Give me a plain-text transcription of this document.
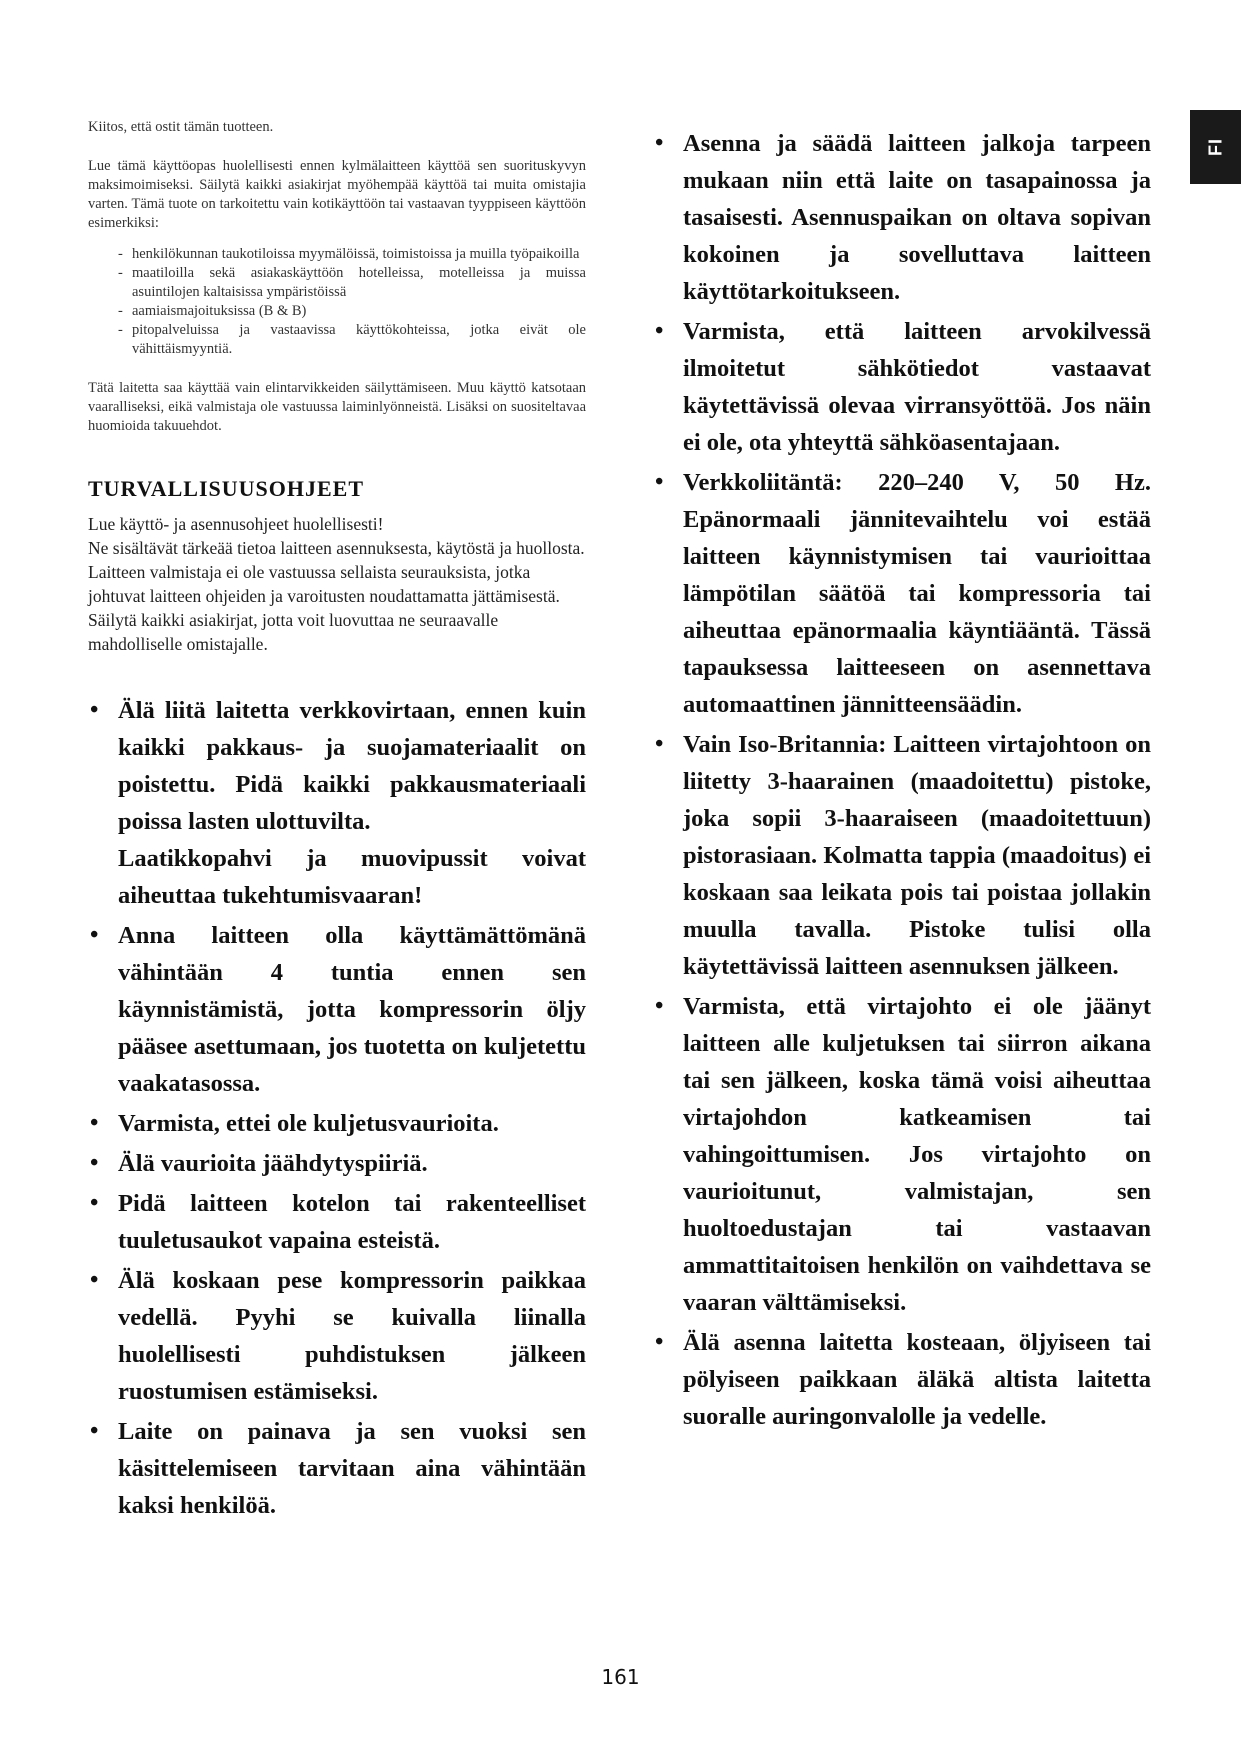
FI

Kiitos, että ostit tämän tuotteen.

Lue tämä käyttöopas huolellisesti ennen kylmälaitteen käyttöä sen suorituskyvyn maksimoimiseksi. Säilytä kaikki asiakirjat myöhempää käyttöä tai muita omistajia varten. Tämä tuote on tarkoitettu vain kotikäyttöön tai vastaavan tyyppiseen käyttöön esimerkiksi:

- henkilökunnan taukotiloissa myymälöissä, toimistoissa ja muilla työpaikoilla
- maatiloilla sekä asiakaskäyttöön hotelleissa, motelleissa ja muissa asuintilojen kaltaisissa ympäristöissä
- aamiaismajoituksissa (B & B)
- pitopalveluissa ja vastaavissa käyttökohteissa, jotka eivät ole vähittäismyyntiä.

Tätä laitetta saa käyttää vain elintarvikkeiden säilyttämiseen. Muu käyttö katsotaan vaaralliseksi, eikä valmistaja ole vastuussa laiminlyönneistä. Lisäksi on suositeltavaa huomioida takuuehdot.

TURVALLISUUSOHJEET

Lue käyttö- ja asennusohjeet huolellisesti!

Ne sisältävät tärkeää tietoa laitteen asennuksesta, käytöstä ja huollosta.

Laitteen valmistaja ei ole vastuussa sellaista seurauksista, jotka johtuvat laitteen ohjeiden ja varoitusten noudattamatta jättämisestä.

Säilytä kaikki asiakirjat, jotta voit luovuttaa ne seuraavalle mahdolliselle omistajalle.

• Älä liitä laitetta verkkovirtaan, ennen kuin kaikki pakkaus- ja suojamateriaalit on poistettu. Pidä kaikki pakkausmateriaali poissa lasten ulottuvilta.
Laatikkopahvi ja muovipussit voivat aiheuttaa tukehtumisvaaran!
• Anna laitteen olla käyttämättömänä vähintään 4 tuntia ennen sen käynnistämistä, jotta kompressorin öljy pääsee asettumaan, jos tuotetta on kuljetettu vaakatasossa.
• Varmista, ettei ole kuljetusvaurioita.
• Älä vaurioita jäähdytyspiiriä.
• Pidä laitteen kotelon tai rakenteelliset tuuletusaukot vapaina esteistä.
• Älä koskaan pese kompressorin paikkaa vedellä. Pyyhi se kuivalla liinalla huolellisesti puhdistuksen jälkeen ruostumisen estämiseksi.
• Laite on painava ja sen vuoksi sen käsittelemiseen tarvitaan aina vähintään kaksi henkilöä.
• Asenna ja säädä laitteen jalkoja tarpeen mukaan niin että laite on tasapainossa ja tasaisesti. Asennuspaikan on oltava sopivan kokoinen ja sovelluttava laitteen käyttötarkoitukseen.
• Varmista, että laitteen arvokilvessä ilmoitetut sähkötiedot vastaavat käytettävissä olevaa virransyöttöä. Jos näin ei ole, ota yhteyttä sähköasentajaan.
• Verkkoliitäntä: 220–240 V, 50 Hz. Epänormaali jännitevaihtelu voi estää laitteen käynnistymisen tai vaurioittaa lämpötilan säätöä tai kompressoria tai aiheuttaa epänormaalia käyntiääntä. Tässä tapauksessa laitteeseen on asennettava automaattinen jännitteensäädin.
• Vain Iso-Britannia: Laitteen virtajohtoon on liitetty 3-haarainen (maadoitettu) pistoke, joka sopii 3-haaraiseen (maadoitettuun) pistorasiaan. Kolmatta tappia (maadoitus) ei koskaan saa leikata pois tai poistaa jollakin muulla tavalla. Pistoke tulisi olla käytettävissä laitteen asennuksen jälkeen.
• Varmista, että virtajohto ei ole jäänyt laitteen alle kuljetuksen tai siirron aikana tai sen jälkeen, koska tämä voisi aiheuttaa virtajohdon katkeamisen tai vahingoittumisen. Jos virtajohto on vaurioitunut, valmistajan, sen huoltoedustajan tai vastaavan ammattitaitoisen henkilön on vaihdettava se vaaran välttämiseksi.
• Älä asenna laitetta kosteaan, öljyiseen tai pölyiseen paikkaan äläkä altista laitetta suoralle auringonvalolle ja vedelle.
161
